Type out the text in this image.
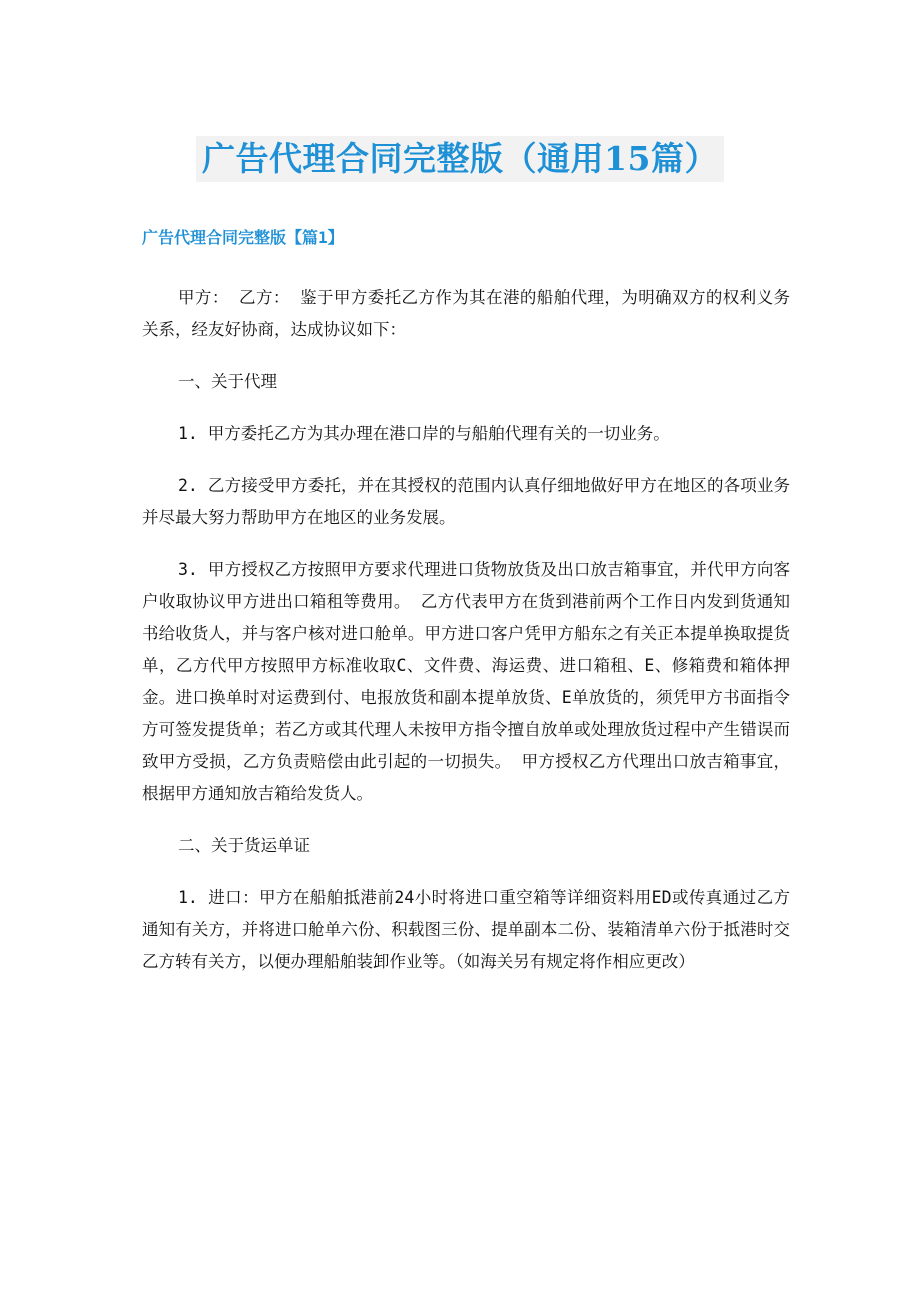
广告代理合同完整版（通用15篇）
广告代理合同完整版【篇1】

甲方： 乙方： 鉴于甲方委托乙方作为其在港的船舶代理，为明确双方的权利义务关系，经友好协商，达成协议如下：

一、关于代理

1. 甲方委托乙方为其办理在港口岸的与船舶代理有关的一切业务。

2. 乙方接受甲方委托，并在其授权的范围内认真仔细地做好甲方在地区的各项业务并尽最大努力帮助甲方在地区的业务发展。

3. 甲方授权乙方按照甲方要求代理进口货物放货及出口放吉箱事宜，并代甲方向客户收取协议甲方进出口箱租等费用。 乙方代表甲方在货到港前两个工作日内发到货通知书给收货人，并与客户核对进口舱单。甲方进口客户凭甲方船东之有关正本提单换取提货单，乙方代甲方按照甲方标准收取C、文件费、海运费、进口箱租、E、修箱费和箱体押金。进口换单时对运费到付、电报放货和副本提单放货、E单放货的，须凭甲方书面指令方可签发提货单；若乙方或其代理人未按甲方指令擅自放单或处理放货过程中产生错误而致甲方受损，乙方负责赔偿由此引起的一切损失。 甲方授权乙方代理出口放吉箱事宜，根据甲方通知放吉箱给发货人。

二、关于货运单证

1. 进口：甲方在船舶抵港前24小时将进口重空箱等详细资料用ED或传真通过乙方通知有关方，并将进口舱单六份、积载图三份、提单副本二份、装箱清单六份于抵港时交乙方转有关方，以便办理船舶装卸作业等。（如海关另有规定将作相应更改）
